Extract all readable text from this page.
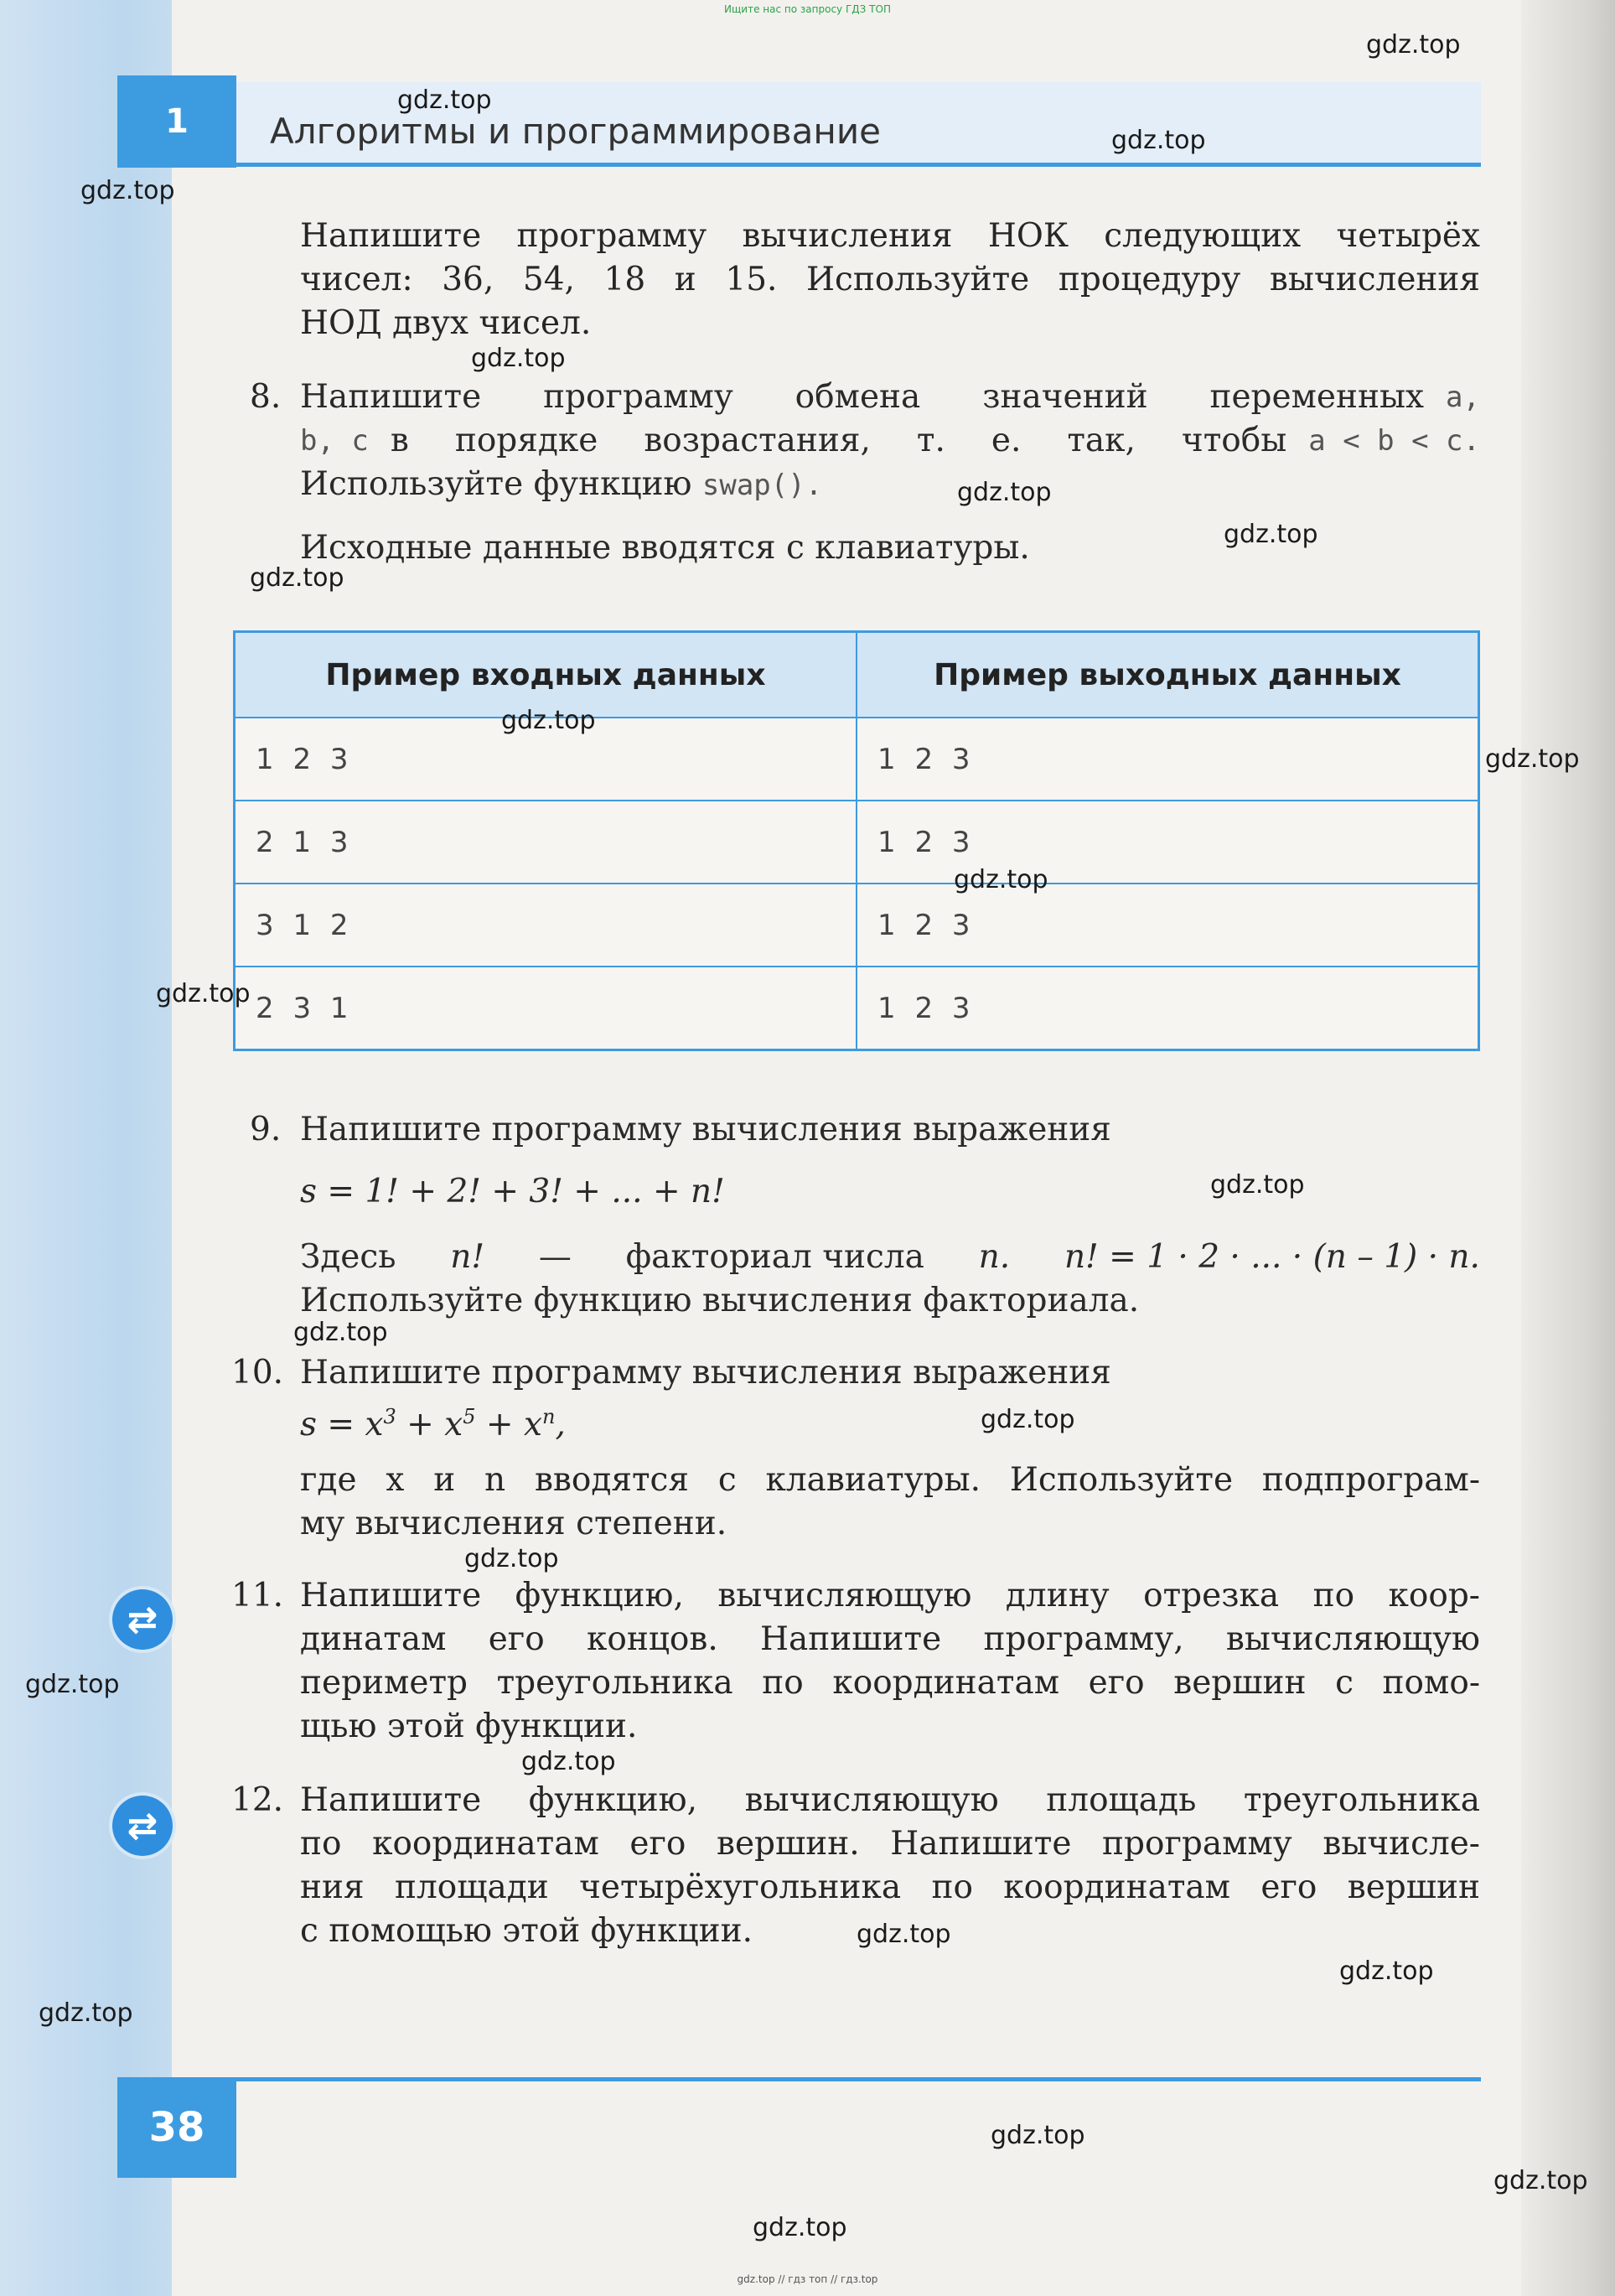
Ищите нас по запросу ГДЗ ТОП
1	Алгоритмы и программирование
Напишите программу вычисления НОК следующих четырёх
чисел: 36, 54, 18 и 15. Используйте процедуру вычисления
НОД двух чисел.
8. Напишите программу обмена значений переменных a,
b, c в порядке возрастания, т. е. так, чтобы a < b < c.
Используйте функцию swap().
Исходные данные вводятся с клавиатуры.
Пример входных данных	Пример выходных данных
1 2 3	1 2 3
2 1 3	1 2 3
3 1 2	1 2 3
2 3 1	1 2 3
9. Напишите программу вычисления выражения
s = 1! + 2! + 3! + ... + n!
Здесь n! — факториал числа n. n! = 1 · 2 · ... · (n – 1) · n.
Используйте функцию вычисления факториала.
10. Напишите программу вычисления выражения
$s = x^3 + x^5 + x^n$,
где x и n вводятся с клавиатуры. Используйте подпрограм-
му вычисления степени.
⇄
11. Напишите функцию, вычисляющую длину отрезка по коор-
динатам его концов. Напишите программу, вычисляющую
периметр треугольника по координатам его вершин с помо-
щью этой функции.
⇄
12. Напишите функцию, вычисляющую площадь треугольника
по координатам его вершин. Напишите программу вычисле-
ния площади четырёхугольника по координатам его вершин
с помощью этой функции.
38
gdz.top
gdz.top
gdz.top
gdz.top
gdz.top
gdz.top
gdz.top
gdz.top
gdz.top
gdz.top
gdz.top
gdz.top
gdz.top
gdz.top
gdz.top
gdz.top
gdz.top
gdz.top
gdz.top
gdz.top
gdz.top
gdz.top
gdz.top
gdz.top
gdz.top // гдз топ // гдз.top
